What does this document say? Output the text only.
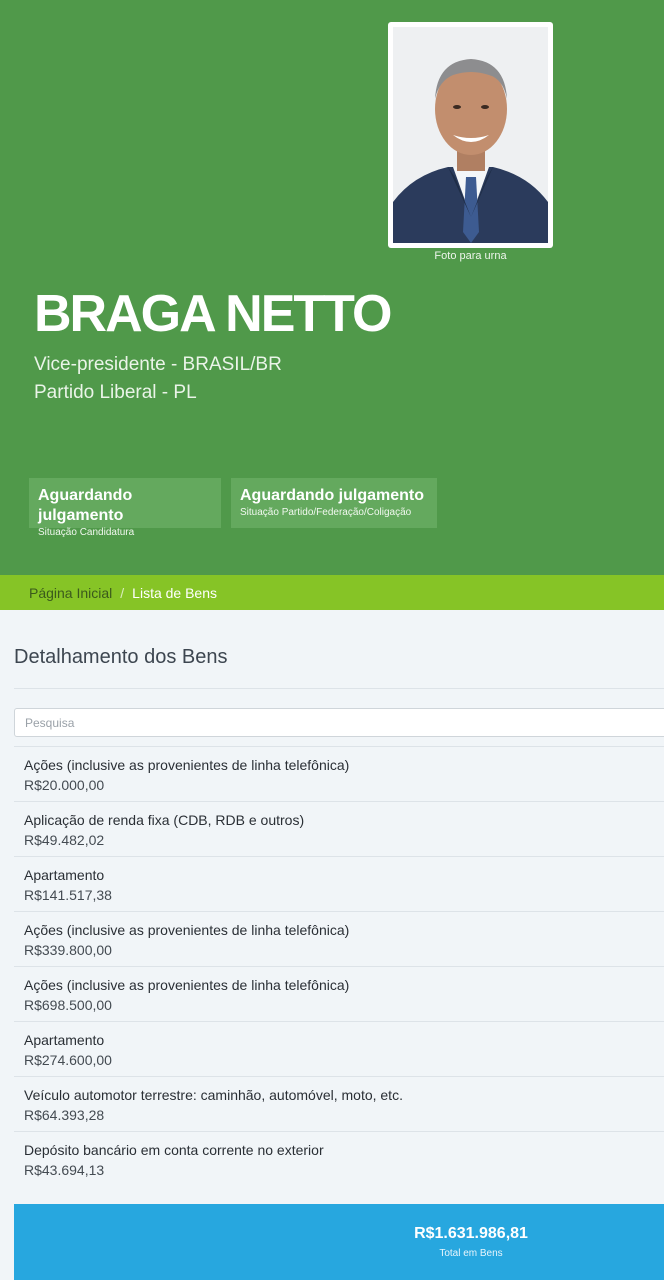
Foto para urna
BRAGA NETTO
Vice-presidente - BRASIL/BR
Partido Liberal - PL
Aguardando julgamento
Situação Candidatura
Aguardando julgamento
Situação Partido/Federação/Coligação
Página Inicial / Lista de Bens
Detalhamento dos Bens
Pesquisa
Ações (inclusive as provenientes de linha telefônica)
R$20.000,00
Aplicação de renda fixa (CDB, RDB e outros)
R$49.482,02
Apartamento
R$141.517,38
Ações (inclusive as provenientes de linha telefônica)
R$339.800,00
Ações (inclusive as provenientes de linha telefônica)
R$698.500,00
Apartamento
R$274.600,00
Veículo automotor terrestre: caminhão, automóvel, moto, etc.
R$64.393,28
Depósito bancário em conta corrente no exterior
R$43.694,13
R$1.631.986,81
Total em Bens
